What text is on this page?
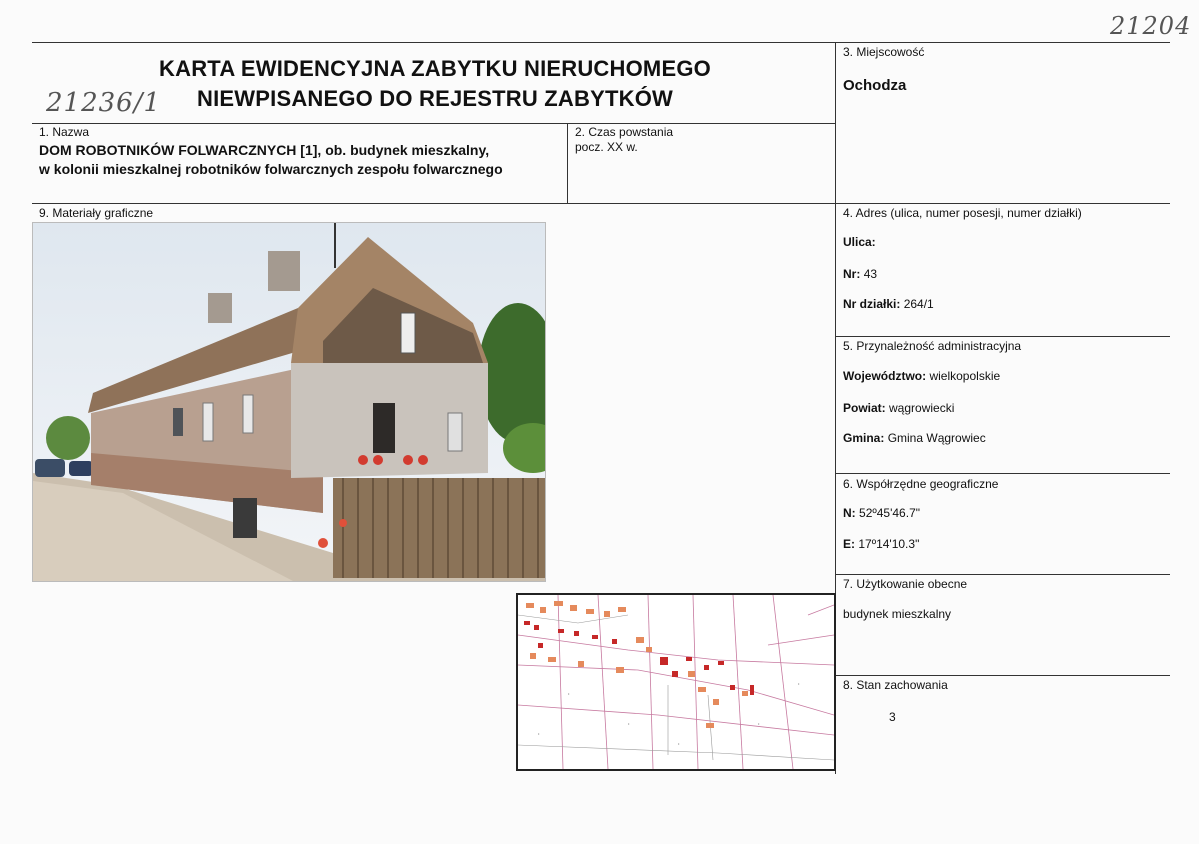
21204
21236/1
KARTA EWIDENCYJNA ZABYTKU NIERUCHOMEGO
NIEWPISANEGO DO REJESTRU ZABYTKÓW
1. Nazwa
DOM ROBOTNIKÓW FOLWARCZNYCH [1], ob. budynek mieszkalny,
w kolonii mieszkalnej robotników folwarcznych zespołu folwarcznego
2. Czas powstania
pocz. XX w.
3. Miejscowość
Ochodza
4. Adres (ulica, numer posesji, numer działki)
Ulica:
Nr: 43
Nr działki: 264/1
5. Przynależność administracyjna
Województwo: wielkopolskie
Powiat: wągrowiecki
Gmina: Gmina Wągrowiec
6. Współrzędne geograficzne
N: 52º45'46.7"
E: 17º14'10.3"
7. Użytkowanie obecne
budynek mieszkalny
8. Stan zachowania
3
9. Materiały graficzne
•
•
•
•
•
•
